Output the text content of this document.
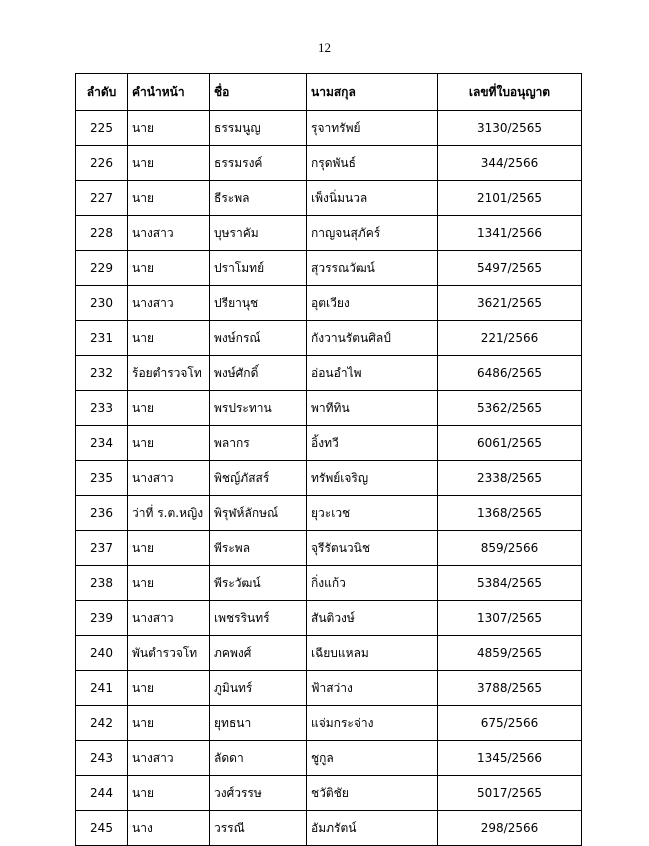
12
ลำดับ	คำนำหน้า	ชื่อ	นามสกุล	เลขที่ใบอนุญาต
225	นาย	ธรรมนูญ	รุจาทรัพย์	3130/2565
226	นาย	ธรรมรงค์	กรุดพันธ์	344/2566
227	นาย	ธีระพล	เพ็งนิ่มนวล	2101/2565
228	นางสาว	บุษราคัม	กาญจนสุภัคร์	1341/2566
229	นาย	ปราโมทย์	สุวรรณวัฒน์	5497/2565
230	นางสาว	ปรียานุช	อุตเวียง	3621/2565
231	นาย	พงษ์กรณ์	กังวานรัตนศิลป์	221/2566
232	ร้อยตำรวจโท	พงษ์ศักดิ์	อ่อนอำไพ	6486/2565
233	นาย	พรประทาน	พาทีทิน	5362/2565
234	นาย	พลากร	อิ้งทวี	6061/2565
235	นางสาว	พิชญ์ภัสสร์	ทรัพย์เจริญ	2338/2565
236	ว่าที่ ร.ต.หญิง	พิรุฬห์ลักษณ์	ยุวะเวช	1368/2565
237	นาย	พีระพล	จุรีรัตนวนิช	859/2566
238	นาย	พีระวัฒน์	กิ่งแก้ว	5384/2565
239	นางสาว	เพชรรินทร์	สันติวงษ์	1307/2565
240	พันตำรวจโท	ภคพงศ์	เฉียบแหลม	4859/2565
241	นาย	ภูมินทร์	ฟ้าสว่าง	3788/2565
242	นาย	ยุทธนา	แจ่มกระจ่าง	675/2566
243	นางสาว	ลัดดา	ชูกูล	1345/2566
244	นาย	วงศ์วรรษ	ชวัติชัย	5017/2565
245	นาง	วรรณี	อัมภรัตน์	298/2566
